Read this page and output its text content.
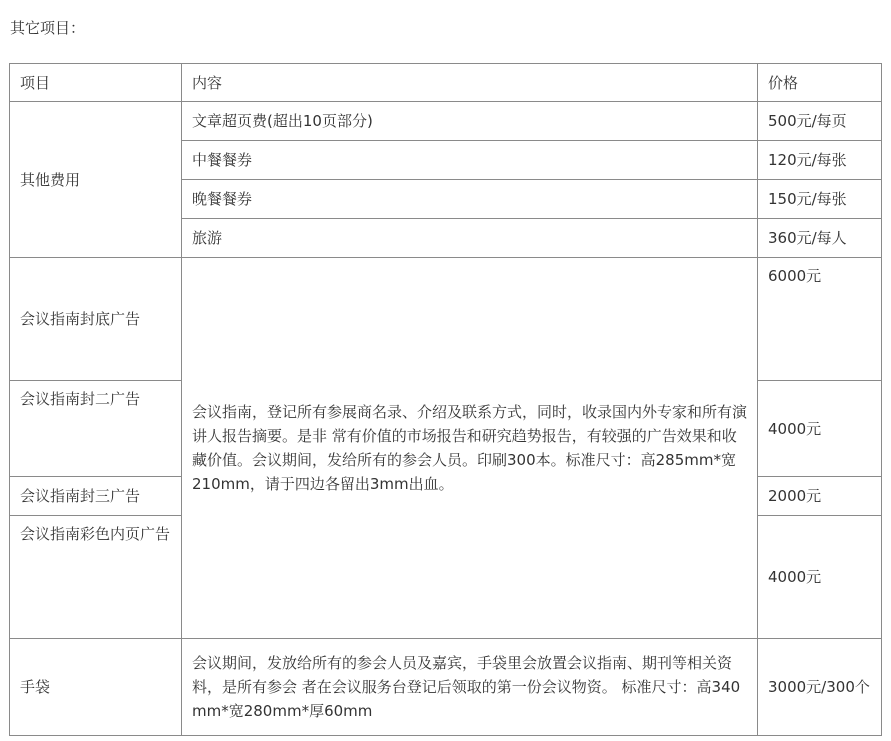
其它项目：
项目	内容	价格
其他费用	文章超页费(超出10页部分)	500元/每页
	中餐餐券	120元/每张
	晚餐餐券	150元/每张
	旅游	360元/每人
会议指南封底广告	会议指南，登记所有参展商名录、介绍及联系方式，同时，收录国内外专家和所有演讲人报告摘要。是非 常有价值的市场报告和研究趋势报告，有较强的广告效果和收藏价值。会议期间，发给所有的参会人员。印刷300本。标准尺寸：高285mm*宽 210mm，请于四边各留出3mm出血。	6000元
会议指南封二广告		4000元
会议指南封三广告		2000元
会议指南彩色内页广告		4000元
手袋	会议期间，发放给所有的参会人员及嘉宾，手袋里会放置会议指南、期刊等相关资料，是所有参会 者在会议服务台登记后领取的第一份会议物资。 标准尺寸：高340mm*宽280mm*厚60mm	3000元/300个
